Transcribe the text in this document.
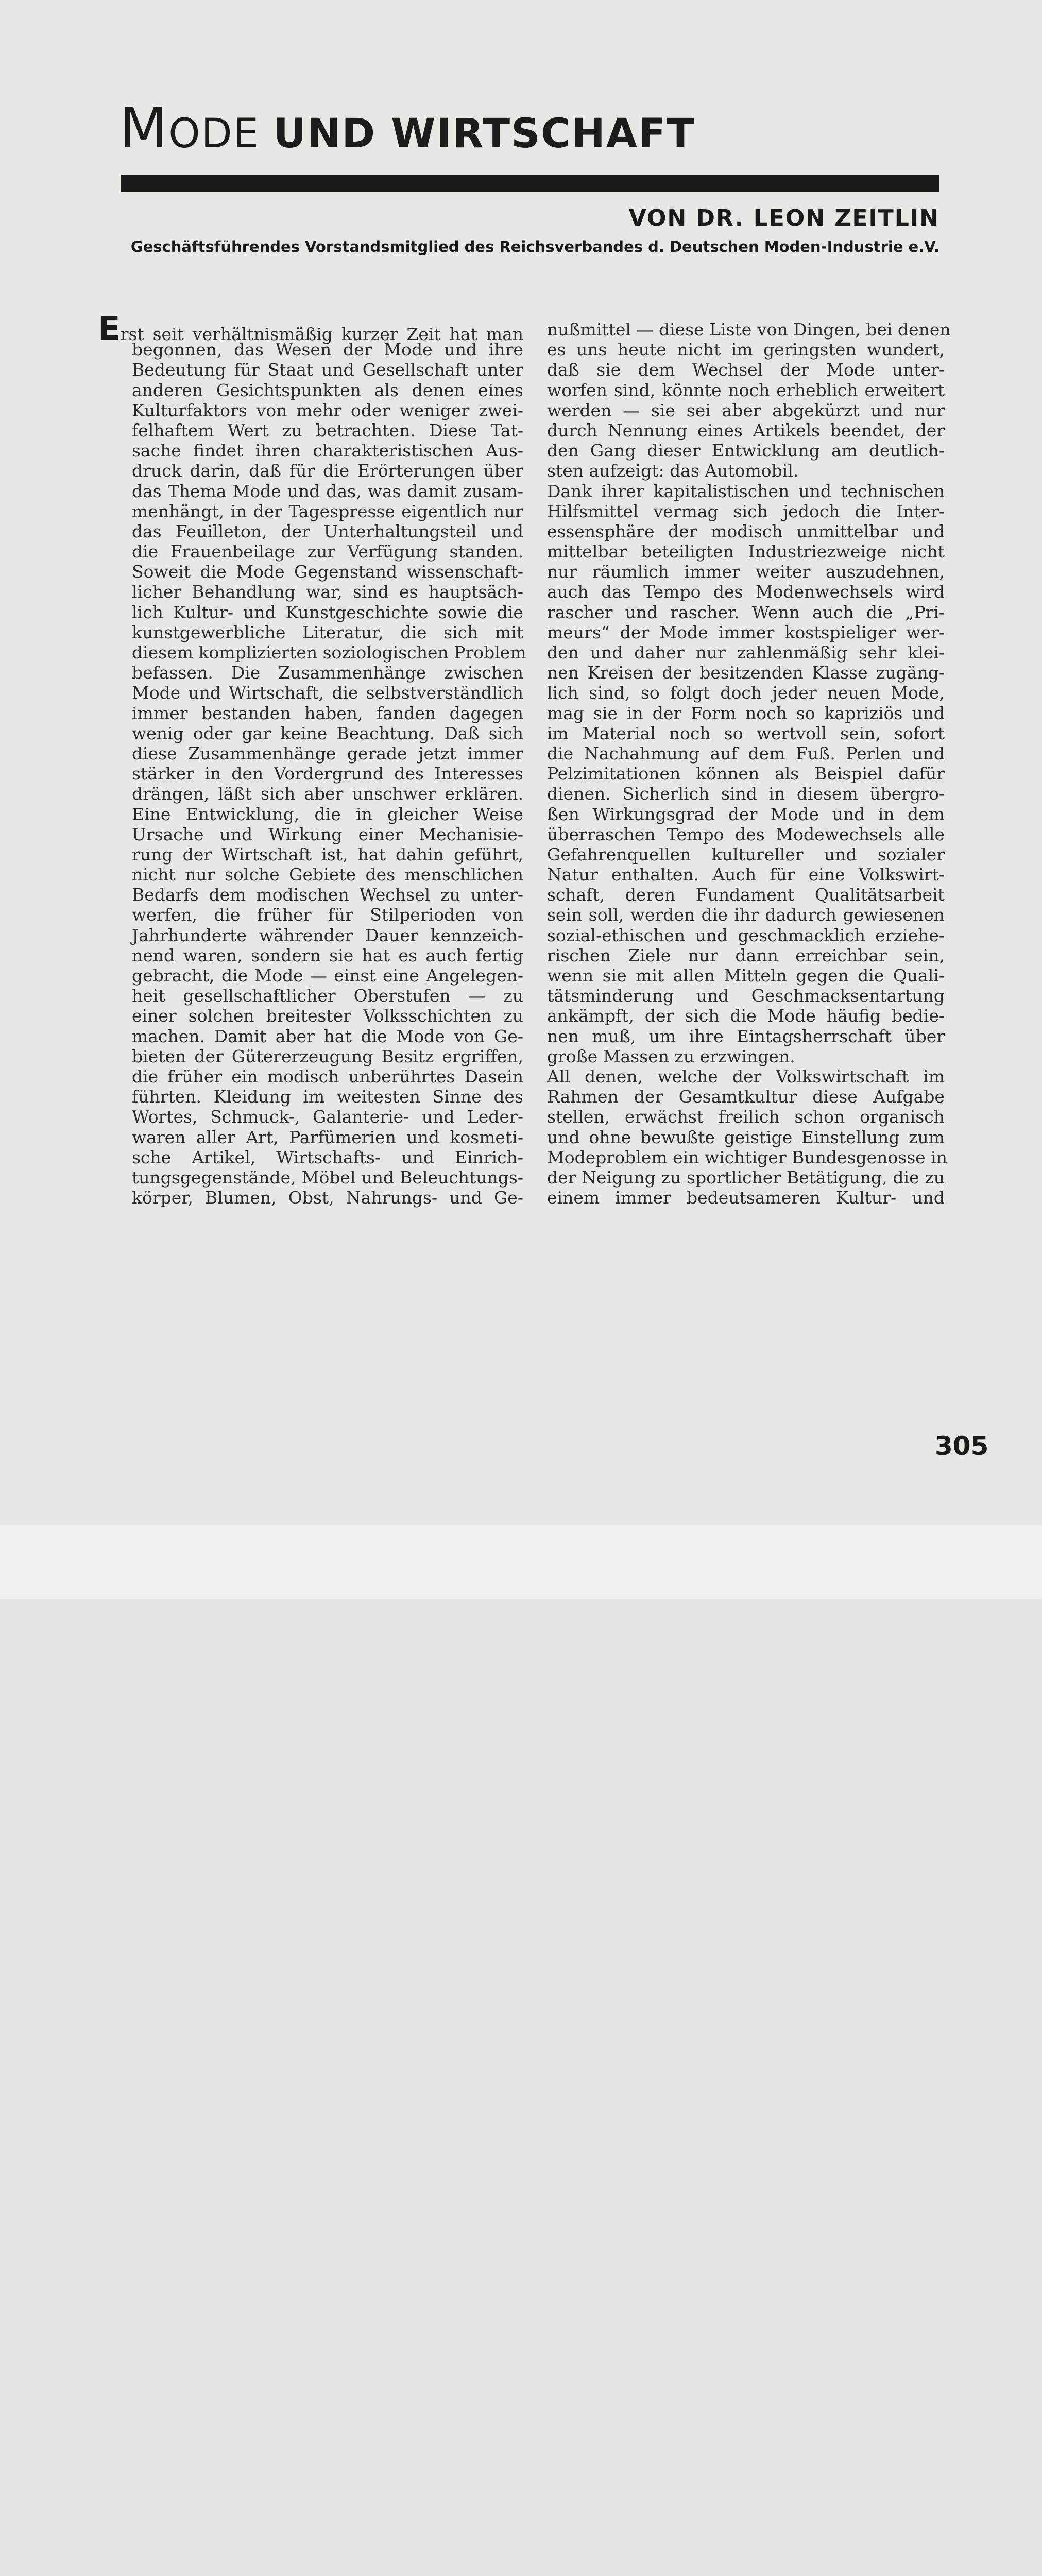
MODE UND WIRTSCHAFT
VON DR. LEON ZEITLIN
Geschäftsführendes Vorstandsmitglied des Reichsverbandes d. Deutschen Moden-Industrie e.V.
Erst seit verhältnismäßig kurzer Zeit hat man
begonnen, das Wesen der Mode und ihre
Bedeutung für Staat und Gesellschaft unter
anderen Gesichtspunkten als denen eines
Kulturfaktors von mehr oder weniger zwei-
felhaftem Wert zu betrachten. Diese Tat-
sache findet ihren charakteristischen Aus-
druck darin, daß für die Erörterungen über
das Thema Mode und das, was damit zusam-
menhängt, in der Tagespresse eigentlich nur
das Feuilleton, der Unterhaltungsteil und
die Frauenbeilage zur Verfügung standen.
Soweit die Mode Gegenstand wissenschaft-
licher Behandlung war, sind es hauptsäch-
lich Kultur- und Kunstgeschichte sowie die
kunstgewerbliche Literatur, die sich mit
diesem komplizierten soziologischen Problem
befassen. Die Zusammenhänge zwischen
Mode und Wirtschaft, die selbstverständlich
immer bestanden haben, fanden dagegen
wenig oder gar keine Beachtung. Daß sich
diese Zusammenhänge gerade jetzt immer
stärker in den Vordergrund des Interesses
drängen, läßt sich aber unschwer erklären.
Eine Entwicklung, die in gleicher Weise
Ursache und Wirkung einer Mechanisie-
rung der Wirtschaft ist, hat dahin geführt,
nicht nur solche Gebiete des menschlichen
Bedarfs dem modischen Wechsel zu unter-
werfen, die früher für Stilperioden von
Jahrhunderte währender Dauer kennzeich-
nend waren, sondern sie hat es auch fertig
gebracht, die Mode — einst eine Angelegen-
heit gesellschaftlicher Oberstufen — zu
einer solchen breitester Volksschichten zu
machen. Damit aber hat die Mode von Ge-
bieten der Gütererzeugung Besitz ergriffen,
die früher ein modisch unberührtes Dasein
führten. Kleidung im weitesten Sinne des
Wortes, Schmuck-, Galanterie- und Leder-
waren aller Art, Parfümerien und kosmeti-
sche Artikel, Wirtschafts- und Einrich-
tungsgegenstände, Möbel und Beleuchtungs-
körper, Blumen, Obst, Nahrungs- und Ge-
nußmittel — diese Liste von Dingen, bei denen
es uns heute nicht im geringsten wundert,
daß sie dem Wechsel der Mode unter-
worfen sind, könnte noch erheblich erweitert
werden — sie sei aber abgekürzt und nur
durch Nennung eines Artikels beendet, der
den Gang dieser Entwicklung am deutlich-
sten aufzeigt: das Automobil.
Dank ihrer kapitalistischen und technischen
Hilfsmittel vermag sich jedoch die Inter-
essensphäre der modisch unmittelbar und
mittelbar beteiligten Industriezweige nicht
nur räumlich immer weiter auszudehnen,
auch das Tempo des Modenwechsels wird
rascher und rascher. Wenn auch die „Pri-
meurs“ der Mode immer kostspieliger wer-
den und daher nur zahlenmäßig sehr klei-
nen Kreisen der besitzenden Klasse zugäng-
lich sind, so folgt doch jeder neuen Mode,
mag sie in der Form noch so kapriziös und
im Material noch so wertvoll sein, sofort
die Nachahmung auf dem Fuß. Perlen und
Pelzimitationen können als Beispiel dafür
dienen. Sicherlich sind in diesem übergro-
ßen Wirkungsgrad der Mode und in dem
überraschen Tempo des Modewechsels alle
Gefahrenquellen kultureller und sozialer
Natur enthalten. Auch für eine Volkswirt-
schaft, deren Fundament Qualitätsarbeit
sein soll, werden die ihr dadurch gewiesenen
sozial-ethischen und geschmacklich erziehe-
rischen Ziele nur dann erreichbar sein,
wenn sie mit allen Mitteln gegen die Quali-
tätsminderung und Geschmacksentartung
ankämpft, der sich die Mode häufig bedie-
nen muß, um ihre Eintagsherrschaft über
große Massen zu erzwingen.
All denen, welche der Volkswirtschaft im
Rahmen der Gesamtkultur diese Aufgabe
stellen, erwächst freilich schon organisch
und ohne bewußte geistige Einstellung zum
Modeproblem ein wichtiger Bundesgenosse in
der Neigung zu sportlicher Betätigung, die zu
einem immer bedeutsameren Kultur- und
305
